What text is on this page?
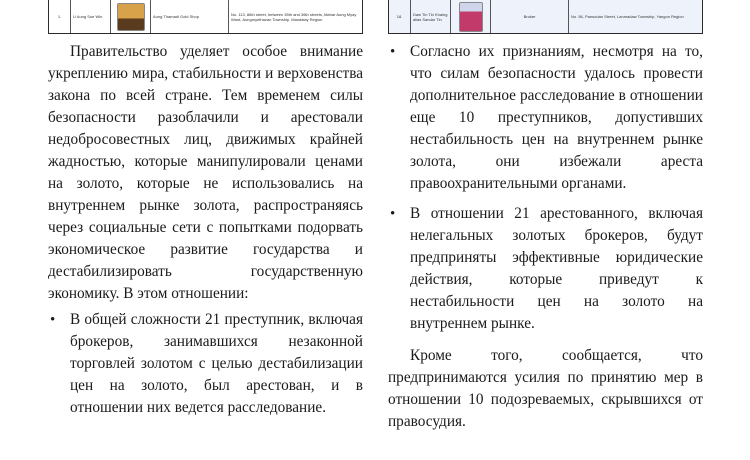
1.	U Aung Soe Win	Aung Thamadi Gold Shop	No. 113, 86th street, between 35th and 36th streets, Mahar Aung Myay Ward, Aungmyethazan Township, Mandalay Region

Правительство уделяет особое внимание укреплению мира, стабильности и верховенства закона по всей стране. Тем временем силы безопасности разоблачили и арестовали недобросовестных лиц, движимых крайней жадностью, которые манипулировали ценами на золото, которые не использовались на внутреннем рынке золота, распространяясь через социальные сети с попытками подорвать экономическое развитие государства и дестабилизировать государственную экономику. В этом отношении:

• В общей сложности 21 преступник, включая брокеров, занимавшихся незаконной торговлей золотом с целью дестабилизации цен на золото, был арестован, и в отношении них ведется расследование.
18.	Daw Tin Tin Khaing alias Sandar Tin	Broker	No. 56, Pansodan Street, Lanmadaw Township, Yangon Region
• Согласно их признаниям, несмотря на то, что силам безопасности удалось провести дополнительное расследование в отношении еще 10 преступников, допустивших нестабильность цен на внутреннем рынке золота, они избежали ареста правоохранительными органами.
• В отношении 21 арестованного, включая нелегальных золотых брокеров, будут предприняты эффективные юридические действия, которые приведут к нестабильности цен на золото на внутреннем рынке.

Кроме того, сообщается, что предпринимаются усилия по принятию мер в отношении 10 подозреваемых, скрывшихся от правосудия.
